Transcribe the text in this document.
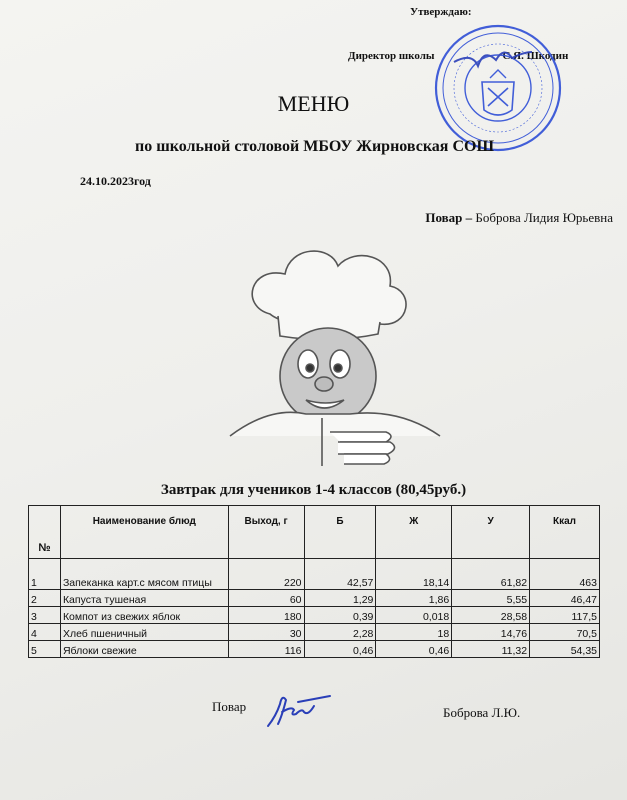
Утверждаю:
Директор школы	С.Я. Шкодин
МЕНЮ
по школьной столовой МБОУ Жирновская СОШ
24.10.2023год
Повар – Боброва Лидия Юрьевна
Завтрак для учеников 1-4 классов (80,45руб.)
№	Наименование блюд	Выход, г	Б	Ж	У	Ккал
1	Запеканка карт.с мясом птицы	220	42,57	18,14	61,82	463
2	Капуста тушеная	60	1,29	1,86	5,55	46,47
3	Компот из свежих яблок	180	0,39	0,018	28,58	117,5
4	Хлеб пшеничный	30	2,28	18	14,76	70,5
5	Яблоки свежие	116	0,46	0,46	11,32	54,35
Повар	Боброва Л.Ю.
